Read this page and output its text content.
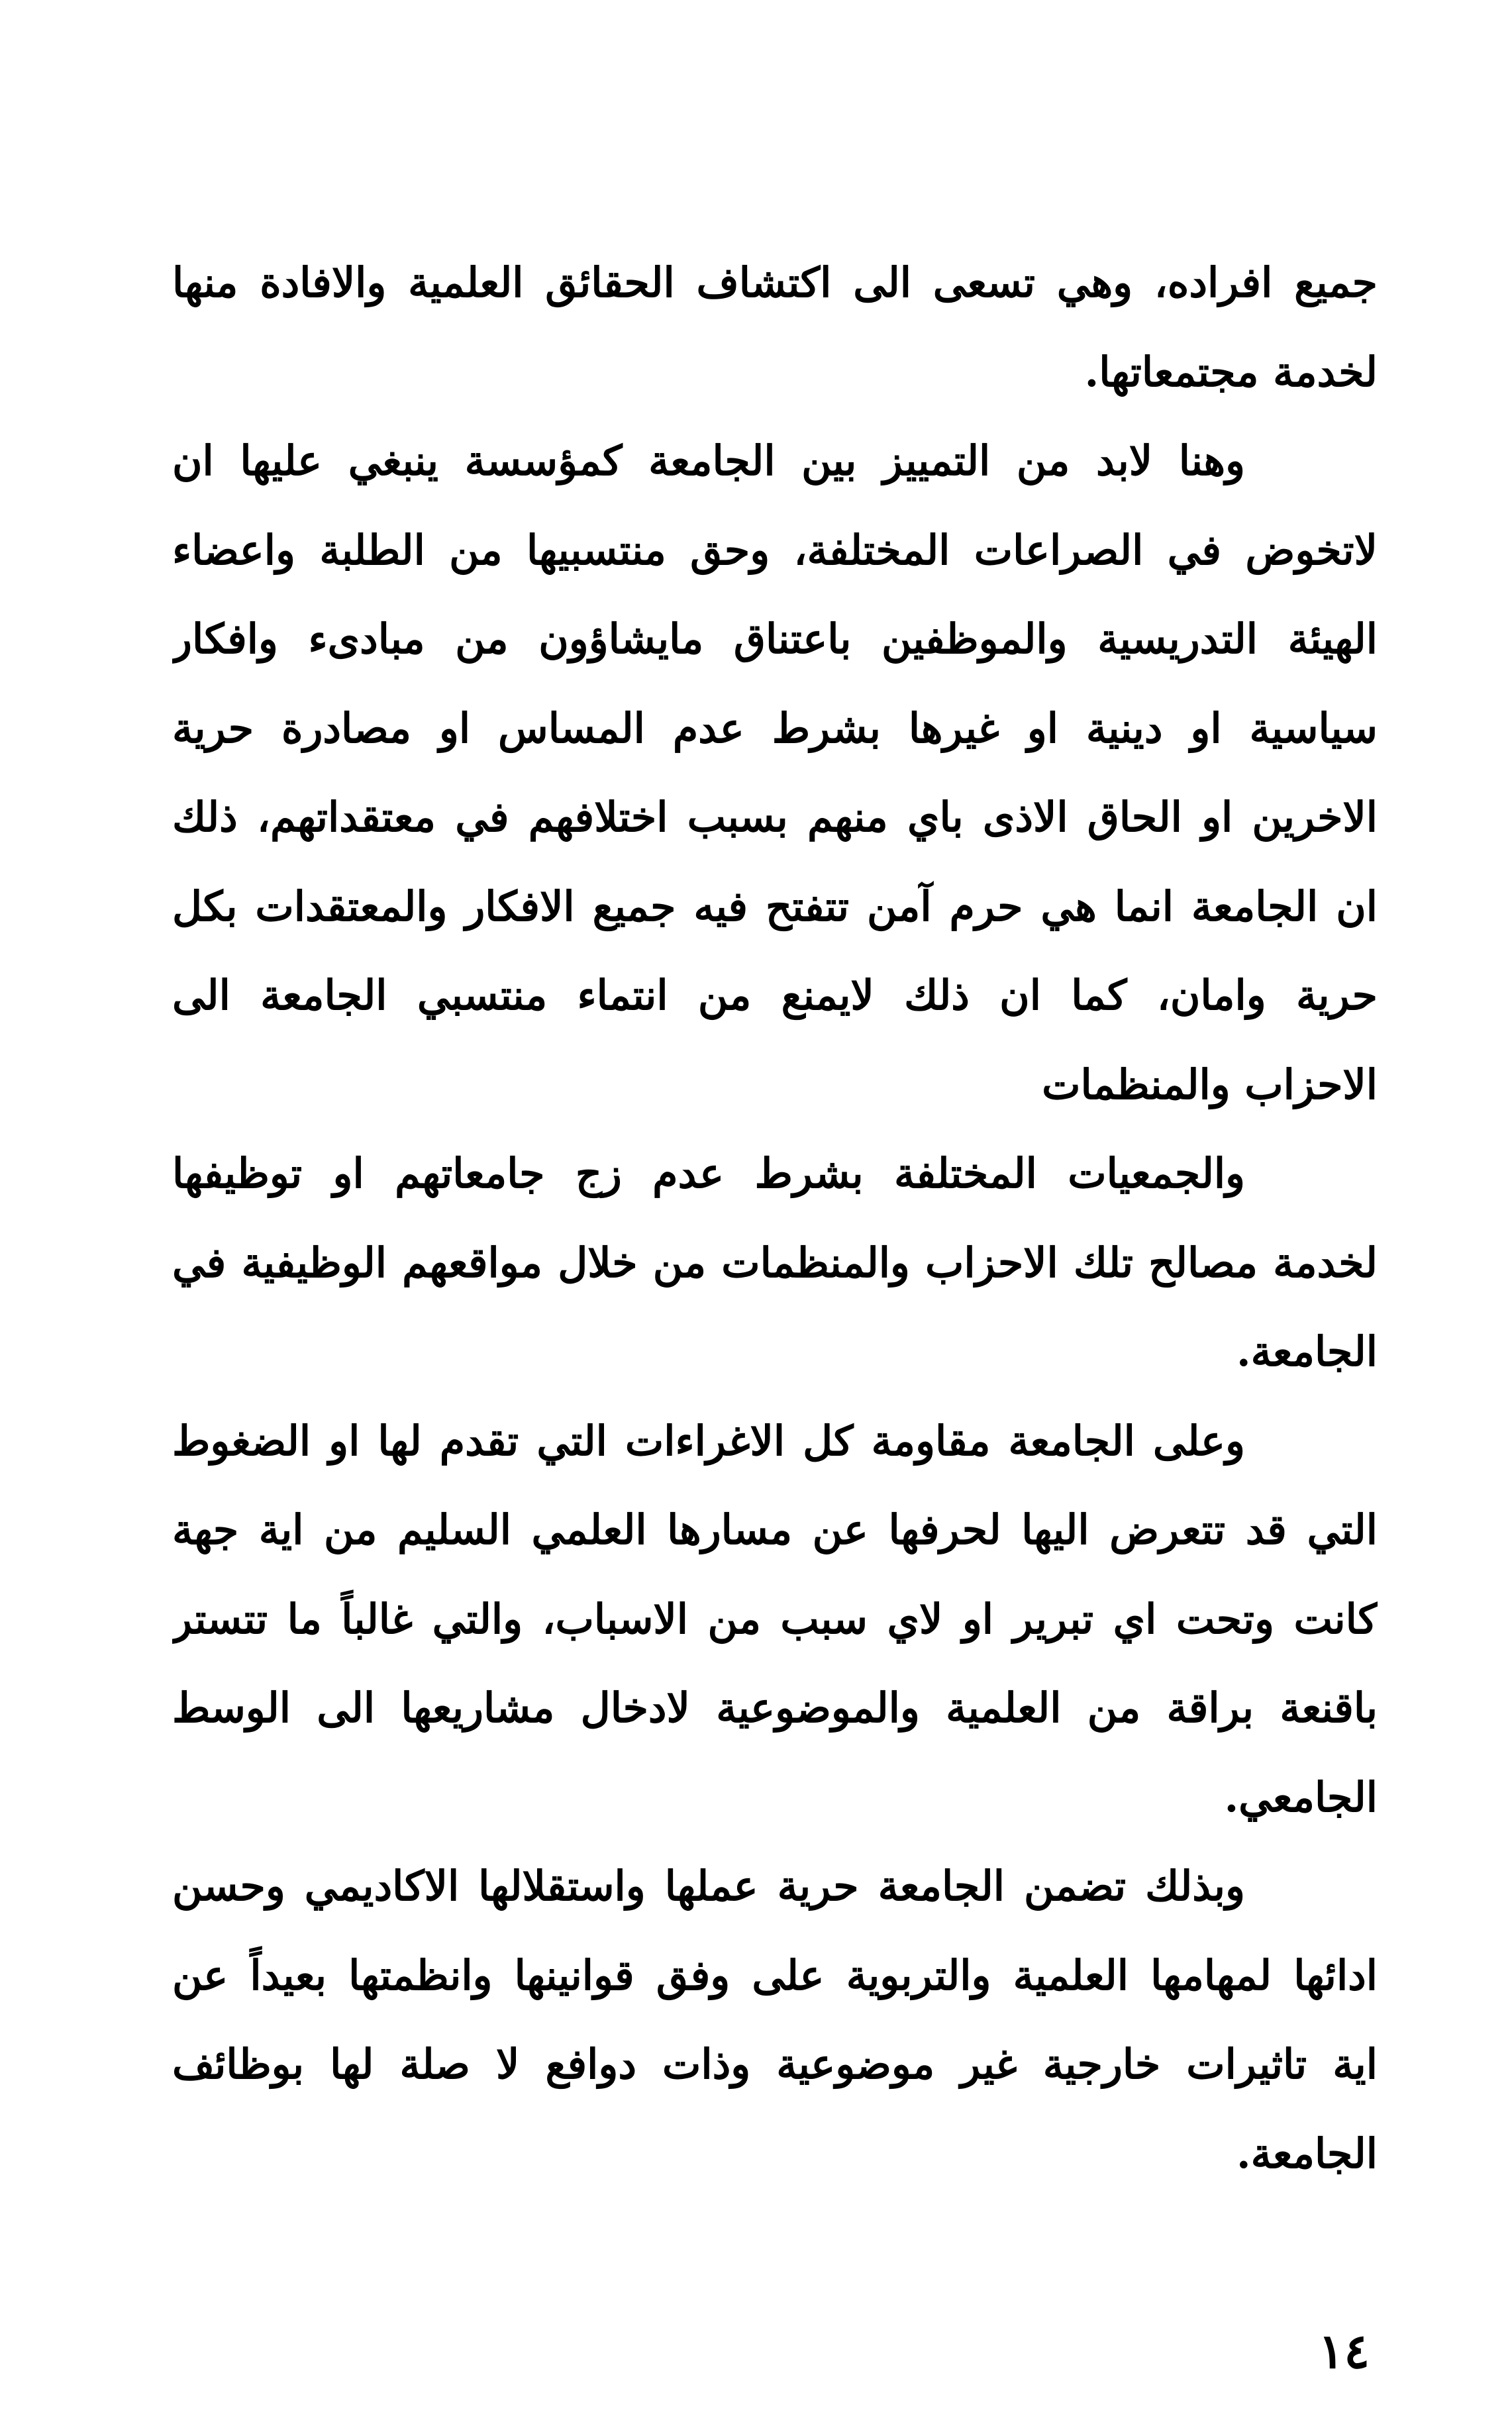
جميع افراده، وهي تسعى الى اكتشاف الحقائق العلمية والافادة منها
لخدمة مجتمعاتها.
وهنا لابد من التمييز بين الجامعة كمؤسسة ينبغي عليها ان
لاتخوض في الصراعات المختلفة، وحق منتسبيها من الطلبة واعضاء
الهيئة التدريسية والموظفين باعتناق مايشاؤون من مبادىء وافكار
سياسية او دينية او غيرها بشرط عدم المساس او مصادرة حرية
الاخرين او الحاق الاذى باي منهم بسبب اختلافهم في معتقداتهم، ذلك
ان الجامعة انما هي حرم آمن تتفتح فيه جميع الافكار والمعتقدات بكل
حرية وامان، كما ان ذلك لايمنع من انتماء منتسبي الجامعة الى
الاحزاب والمنظمات
والجمعيات المختلفة بشرط عدم زج جامعاتهم او توظيفها
لخدمة مصالح تلك الاحزاب والمنظمات من خلال مواقعهم الوظيفية في
الجامعة.
وعلى الجامعة مقاومة كل الاغراءات التي تقدم لها او الضغوط
التي قد تتعرض اليها لحرفها عن مسارها العلمي السليم من اية جهة
كانت وتحت اي تبرير او لاي سبب من الاسباب، والتي غالباً ما تتستر
باقنعة براقة من العلمية والموضوعية لادخال مشاريعها الى الوسط
الجامعي.
وبذلك تضمن الجامعة حرية عملها واستقلالها الاكاديمي وحسن
ادائها لمهامها العلمية والتربوية على وفق قوانينها وانظمتها بعيداً عن
اية تاثيرات خارجية غير موضوعية وذات دوافع لا صلة لها بوظائف
الجامعة.
١٤
